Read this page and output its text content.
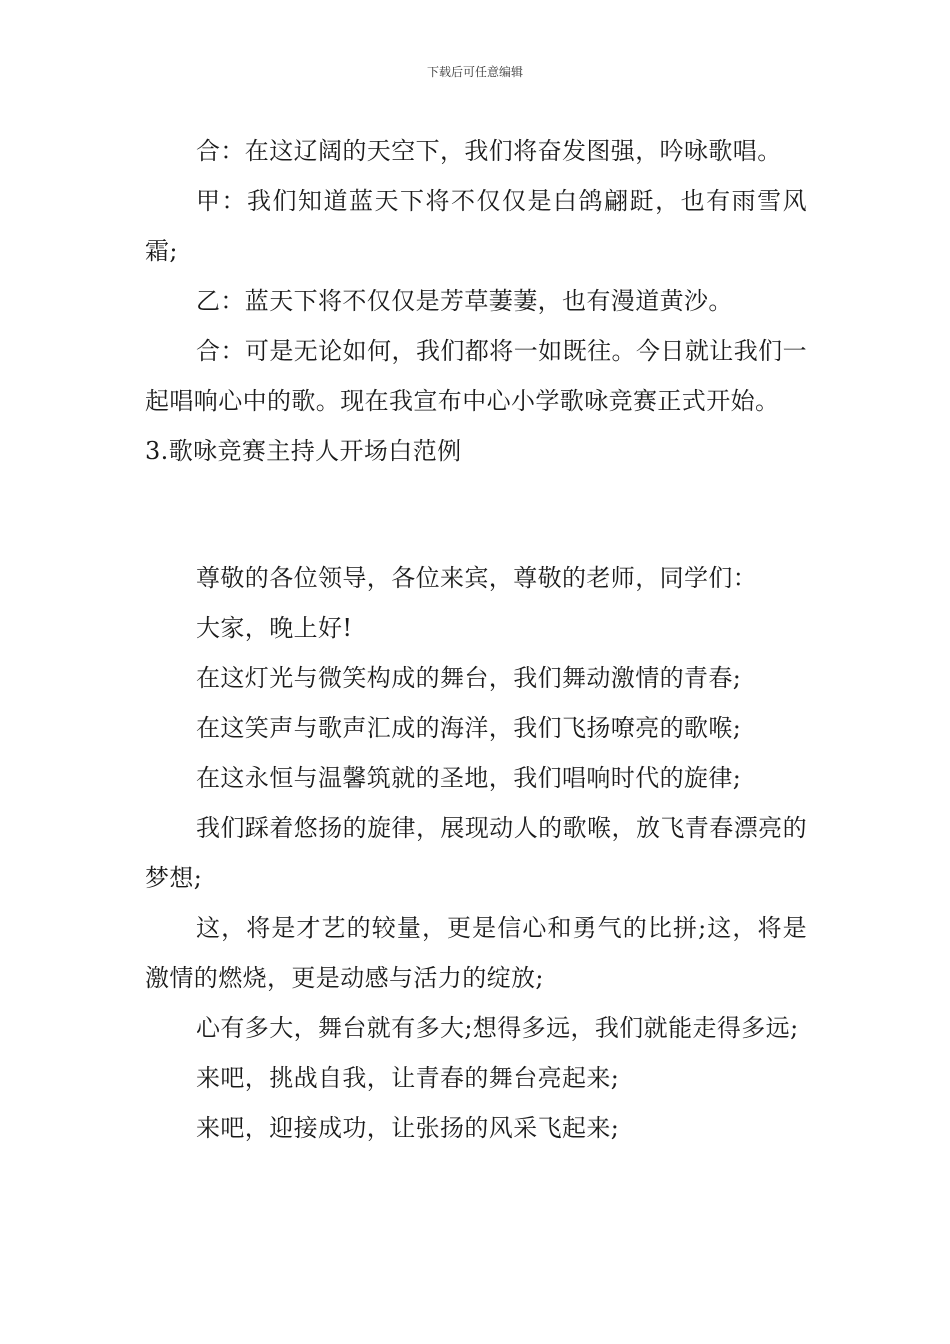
下载后可任意编辑

合：在这辽阔的天空下，我们将奋发图强，吟咏歌唱。

甲：我们知道蓝天下将不仅仅是白鸽翩跹，也有雨雪风霜;

乙：蓝天下将不仅仅是芳草萋萋，也有漫道黄沙。

合：可是无论如何，我们都将一如既往。今日就让我们一起唱响心中的歌。现在我宣布中心小学歌咏竞赛正式开始。

3.歌咏竞赛主持人开场白范例

尊敬的各位领导，各位来宾，尊敬的老师，同学们：

大家，晚上好!

在这灯光与微笑构成的舞台，我们舞动激情的青春;

在这笑声与歌声汇成的海洋，我们飞扬嘹亮的歌喉;

在这永恒与温馨筑就的圣地，我们唱响时代的旋律;

我们踩着悠扬的旋律，展现动人的歌喉，放飞青春漂亮的梦想;

这，将是才艺的较量，更是信心和勇气的比拼;这，将是激情的燃烧，更是动感与活力的绽放;

心有多大，舞台就有多大;想得多远，我们就能走得多远;

来吧，挑战自我，让青春的舞台亮起来;

来吧，迎接成功，让张扬的风采飞起来;
